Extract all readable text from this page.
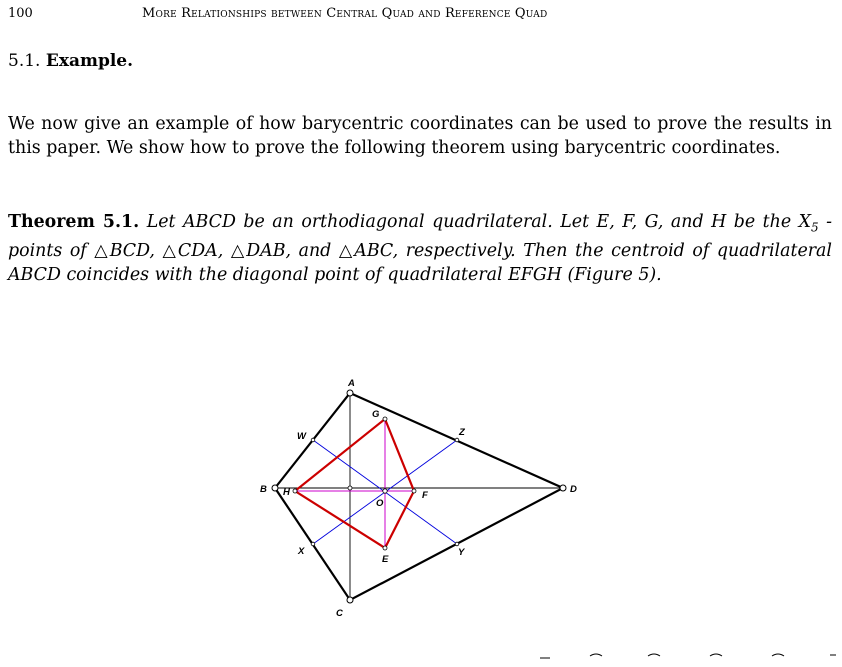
100	More Relationships between Central Quad and Reference Quad
5.1. Example.
We now give an example of how barycentric coordinates can be used to prove the results in this paper. We show how to prove the following theorem using barycentric coordinates.
Theorem 5.1. Let ABCD be an orthodiagonal quadrilateral. Let E, F, G, and H be the $X_5$ -points of △BCD, △CDA, △DAB, and △ABC, respectively. Then the centroid of quadrilateral ABCD coincides with the diagonal point of quadrilateral EFGH (Figure 5).
A
B
C
D
E
F
G
H
O
W
X	Y
Z
